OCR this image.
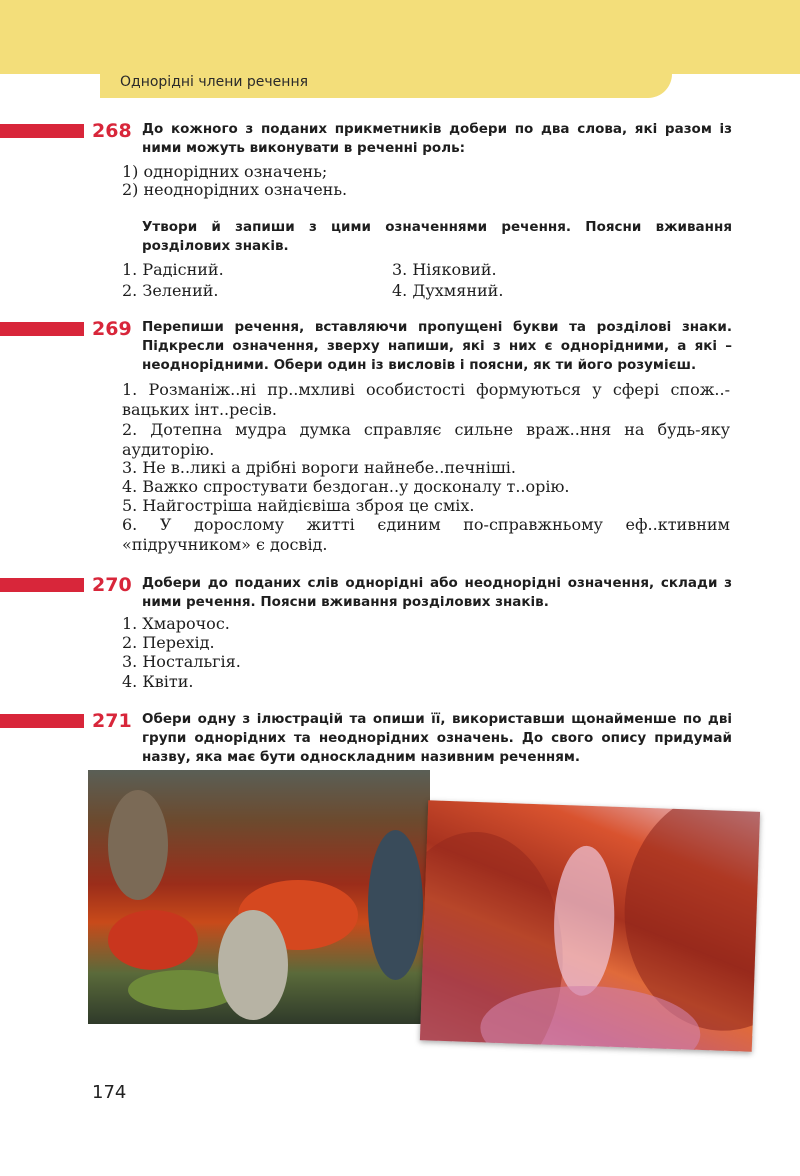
Однорідні члени речення
268 До кожного з поданих прикметників добери по два слова, які разом із ними можуть виконувати в реченні роль:
1) однорідних означень;
2) неоднорідних означень.
Утвори й запиши з цими означеннями речення. Поясни вживання розділових знаків.
1. Радісний.
2. Зелений.
3. Ніяковий.
4. Духмяний.
269 Перепиши речення, вставляючи пропущені букви та розділові знаки. Підкресли означення, зверху напиши, які з них є однорідними, а які – неоднорідними. Обери один із висловів і поясни, як ти його розумієш.
1. Розманіж..ні пр..мхливі особистості формуються у сфері спож..-вацьких інт..ресів.
2. Дотепна мудра думка справляє сильне враж..ння на будь-яку аудиторію.
3. Не в..ликі a дрібні вороги найнебе..печніші.
4. Важко спростувати бездоган..у досконалу т..орію.
5. Найгостріша найдієвіша зброя це сміх.
6. У дорослому житті єдиним по-справжньому еф..ктивним «підручником» є досвід.
270 Добери до поданих слів однорідні або неоднорідні означення, склади з ними речення. Поясни вживання розділових знаків.
1. Хмарочос.
2. Перехід.
3. Ностальгія.
4. Квіти.
271 Обери одну з ілюстрацій та опиши її, використавши щонайменше по дві групи однорідних та неоднорідних означень. До свого опису придумай назву, яка має бути односкладним називним реченням.
174
